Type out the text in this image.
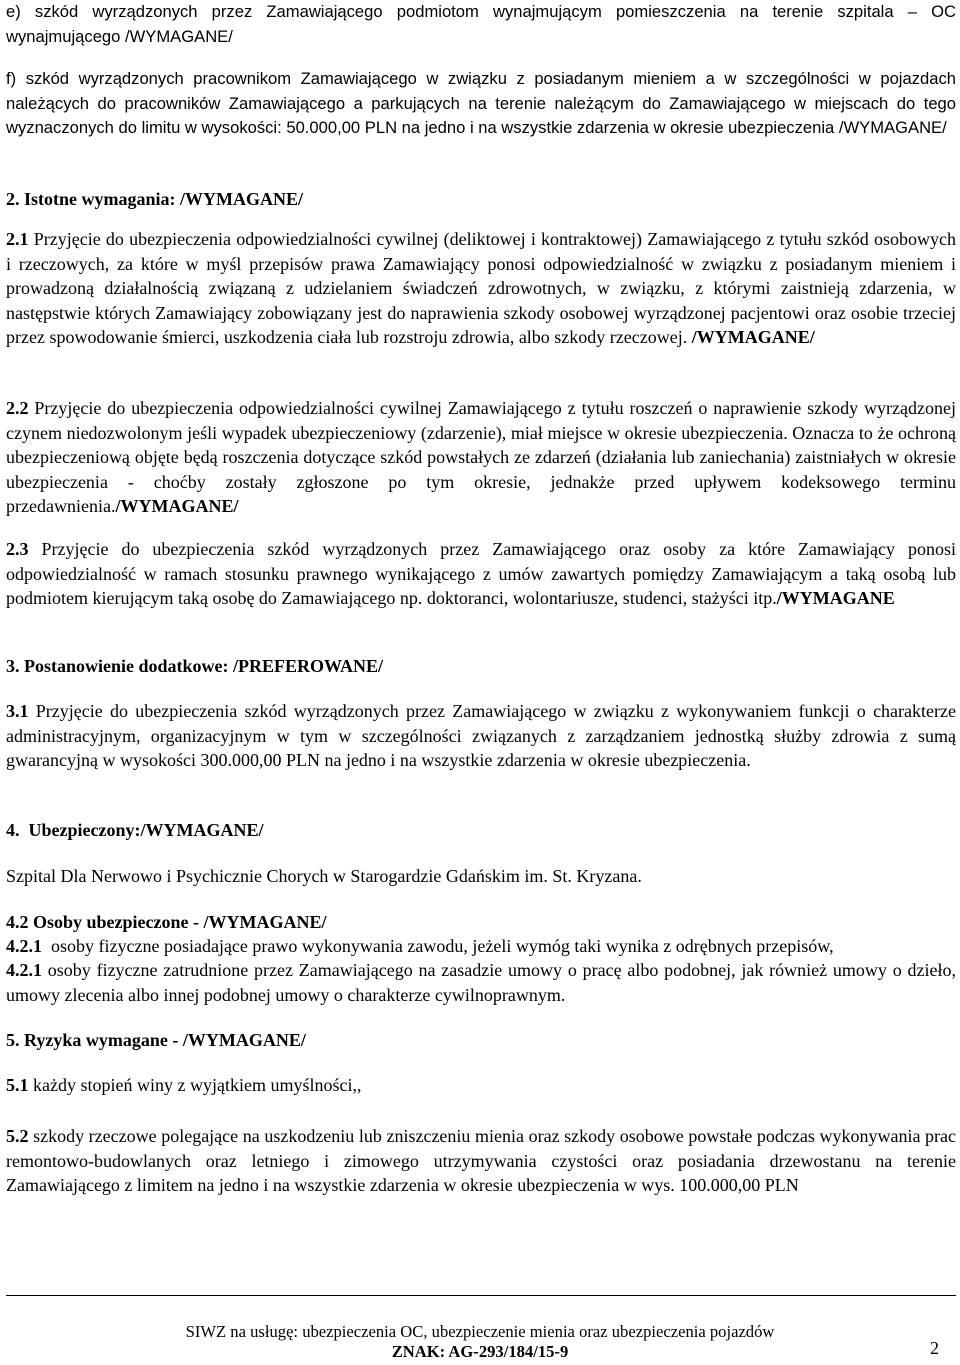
e) szkód wyrządzonych przez Zamawiającego podmiotom wynajmującym pomieszczenia na terenie szpitala – OC wynajmującego /WYMAGANE/

f) szkód wyrządzonych pracownikom Zamawiającego w związku z posiadanym mieniem a w szczególności w pojazdach należących do pracowników Zamawiającego a parkujących na terenie należącym do Zamawiającego w miejscach do tego wyznaczonych do limitu w wysokości: 50.000,00 PLN na jedno i na wszystkie zdarzenia w okresie ubezpieczenia /WYMAGANE/

2. Istotne wymagania: /WYMAGANE/

2.1 Przyjęcie do ubezpieczenia odpowiedzialności cywilnej (deliktowej i kontraktowej) Zamawiającego z tytułu szkód osobowych i rzeczowych, za które w myśl przepisów prawa Zamawiający ponosi odpowiedzialność w związku z posiadanym mieniem i prowadzoną działalnością związaną z udzielaniem świadczeń zdrowotnych, w związku, z którymi zaistnieją zdarzenia, w następstwie których Zamawiający zobowiązany jest do naprawienia szkody osobowej wyrządzonej pacjentowi oraz osobie trzeciej przez spowodowanie śmierci, uszkodzenia ciała lub rozstroju zdrowia, albo szkody rzeczowej. /WYMAGANE/

2.2 Przyjęcie do ubezpieczenia odpowiedzialności cywilnej Zamawiającego z tytułu roszczeń o naprawienie szkody wyrządzonej czynem niedozwolonym jeśli wypadek ubezpieczeniowy (zdarzenie), miał miejsce w okresie ubezpieczenia. Oznacza to że ochroną ubezpieczeniową objęte będą roszczenia dotyczące szkód powstałych ze zdarzeń (działania lub zaniechania) zaistniałych w okresie ubezpieczenia - choćby zostały zgłoszone po tym okresie, jednakże przed upływem kodeksowego terminu przedawnienia./WYMAGANE/

2.3 Przyjęcie do ubezpieczenia szkód wyrządzonych przez Zamawiającego oraz osoby za które Zamawiający ponosi odpowiedzialność w ramach stosunku prawnego wynikającego z umów zawartych pomiędzy Zamawiającym a taką osobą lub podmiotem kierującym taką osobę do Zamawiającego np. doktoranci, wolontariusze, studenci, stażyści itp./WYMAGANE

3. Postanowienie dodatkowe: /PREFEROWANE/

3.1 Przyjęcie do ubezpieczenia szkód wyrządzonych przez Zamawiającego w związku z wykonywaniem funkcji o charakterze administracyjnym, organizacyjnym w tym w szczególności związanych z zarządzaniem jednostką służby zdrowia z sumą gwarancyjną w wysokości 300.000,00 PLN na jedno i na wszystkie zdarzenia w okresie ubezpieczenia.

4.  Ubezpieczony:/WYMAGANE/

Szpital Dla Nerwowo i Psychicznie Chorych w Starogardzie Gdańskim im. St. Kryzana.

4.2 Osoby ubezpieczone - /WYMAGANE/

4.2.1  osoby fizyczne posiadające prawo wykonywania zawodu, jeżeli wymóg taki wynika z odrębnych przepisów,

4.2.1 osoby fizyczne zatrudnione przez Zamawiającego na zasadzie umowy o pracę albo podobnej, jak również umowy o dzieło, umowy zlecenia albo innej podobnej umowy o charakterze cywilnoprawnym.

5. Ryzyka wymagane - /WYMAGANE/

5.1 każdy stopień winy z wyjątkiem umyślności,,

5.2 szkody rzeczowe polegające na uszkodzeniu lub zniszczeniu mienia oraz szkody osobowe powstałe podczas wykonywania prac remontowo-budowlanych oraz letniego i zimowego utrzymywania czystości oraz posiadania drzewostanu na terenie Zamawiającego z limitem na jedno i na wszystkie zdarzenia w okresie ubezpieczenia w wys. 100.000,00 PLN

SIWZ na usługę: ubezpieczenia OC, ubezpieczenie mienia oraz ubezpieczenia pojazdów
ZNAK: AG-293/184/15-9	2
